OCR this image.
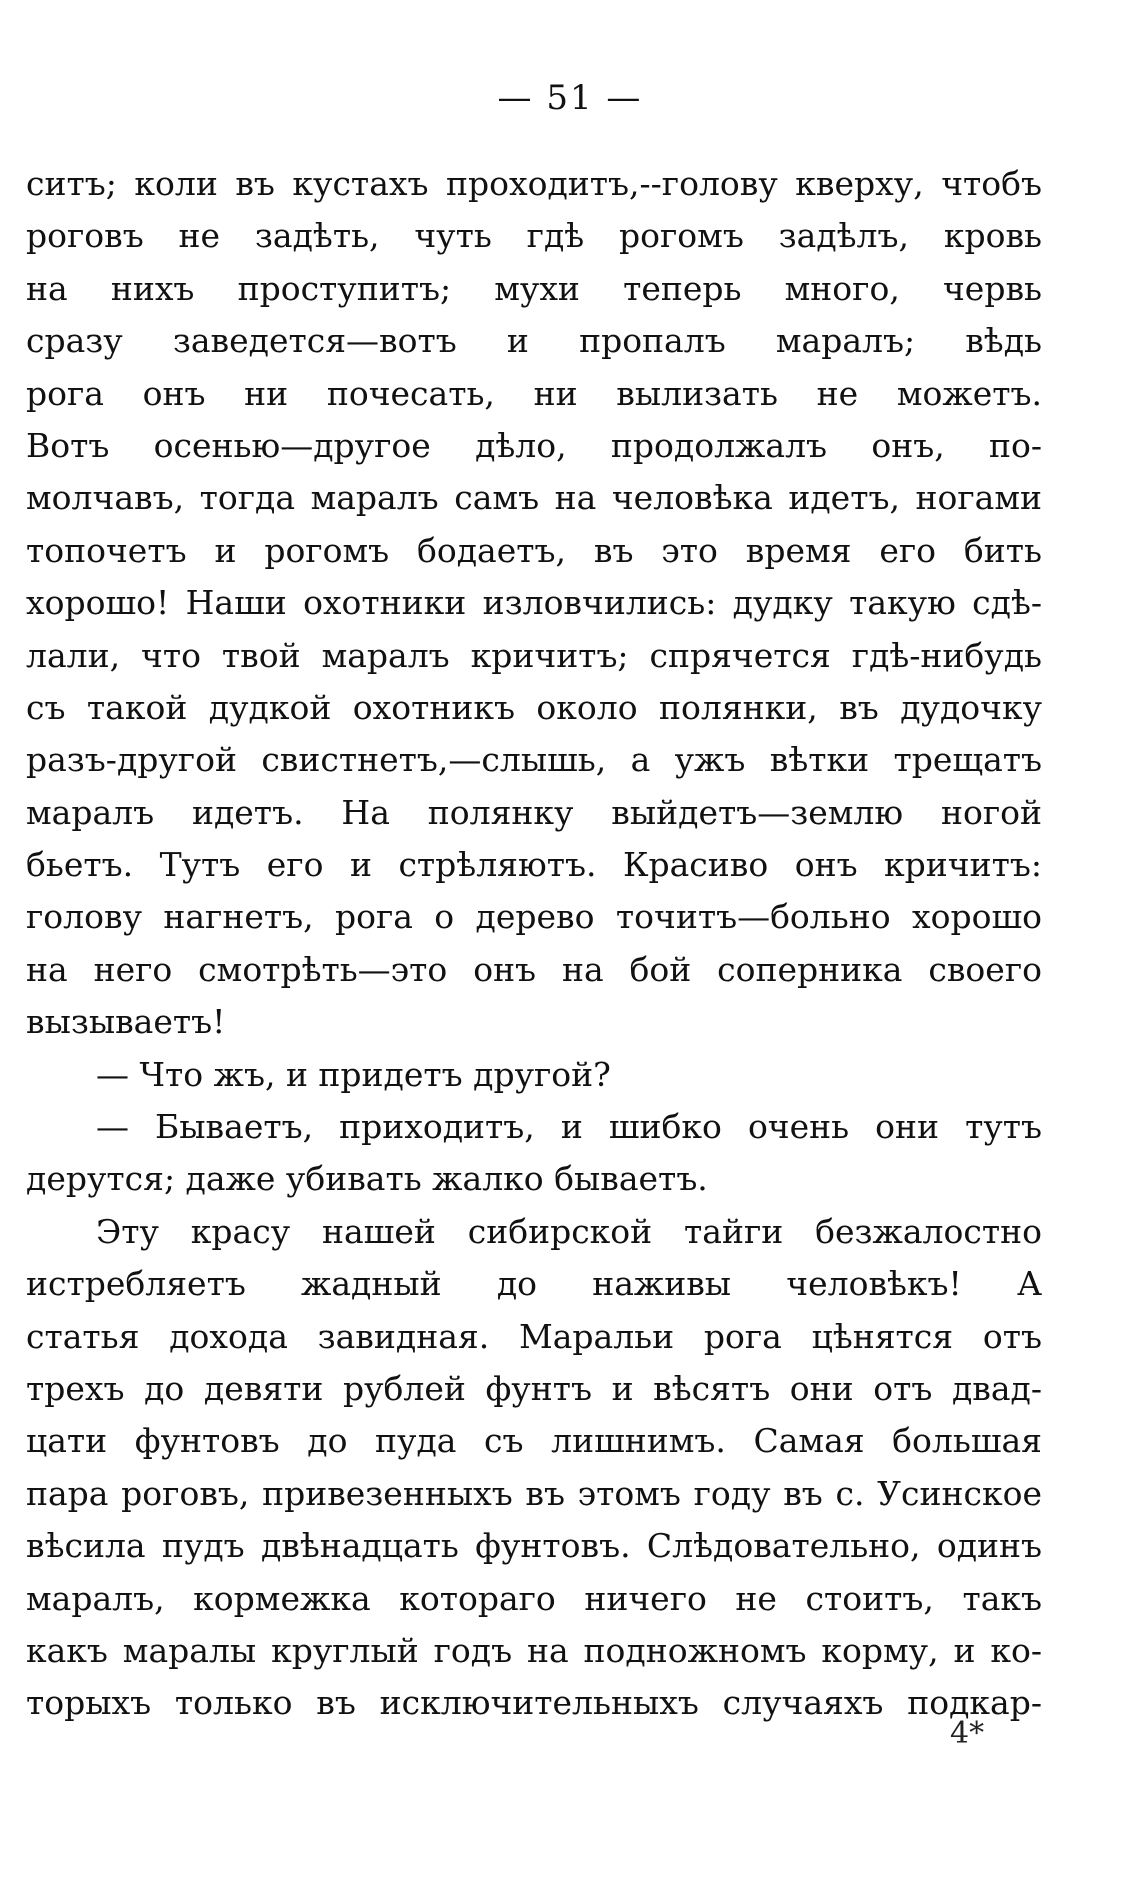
— 51 —
ситъ; коли въ кустахъ проходитъ,--голову кверху, чтобъ
роговъ не задѣть, чуть гдѣ рогомъ задѣлъ, кровь
на нихъ проступитъ; мухи теперь много, червь
сразу заведется—вотъ и пропалъ маралъ; вѣдь
рога онъ ни почесать, ни вылизать не можетъ.
Вотъ осенью—другое дѣло, продолжалъ онъ, по-
молчавъ, тогда маралъ самъ на человѣка идетъ, ногами
топочетъ и рогомъ бодаетъ, въ это время его бить
хорошо! Наши охотники изловчились: дудку такую сдѣ-
лали, что твой маралъ кричитъ; спрячется гдѣ-нибудь
съ такой дудкой охотникъ около полянки, въ дудочку
разъ-другой свистнетъ,—слышь, а ужъ вѣтки трещатъ
маралъ идетъ. На полянку выйдетъ—землю ногой
бьетъ. Тутъ его и стрѣляютъ. Красиво онъ кричитъ:
голову нагнетъ, рога о дерево точитъ—больно хорошо
на него смотрѣть—это онъ на бой соперника своего
вызываетъ!
— Что жъ, и придетъ другой?
— Бываетъ, приходитъ, и шибко очень они тутъ
дерутся; даже убивать жалко бываетъ.
Эту красу нашей сибирской тайги безжалостно
истребляетъ жадный до наживы человѣкъ! А
статья дохода завидная. Маральи рога цѣнятся отъ
трехъ до девяти рублей фунтъ и вѣсятъ они отъ двад-
цати фунтовъ до пуда съ лишнимъ. Самая большая
пара роговъ, привезенныхъ въ этомъ году въ с. Усинское
вѣсила пудъ двѣнадцать фунтовъ. Слѣдовательно, одинъ
маралъ, кормежка котораго ничего не стоитъ, такъ
какъ маралы круглый годъ на подножномъ корму, и ко-
торыхъ только въ исключительныхъ случаяхъ подкар-
4*
